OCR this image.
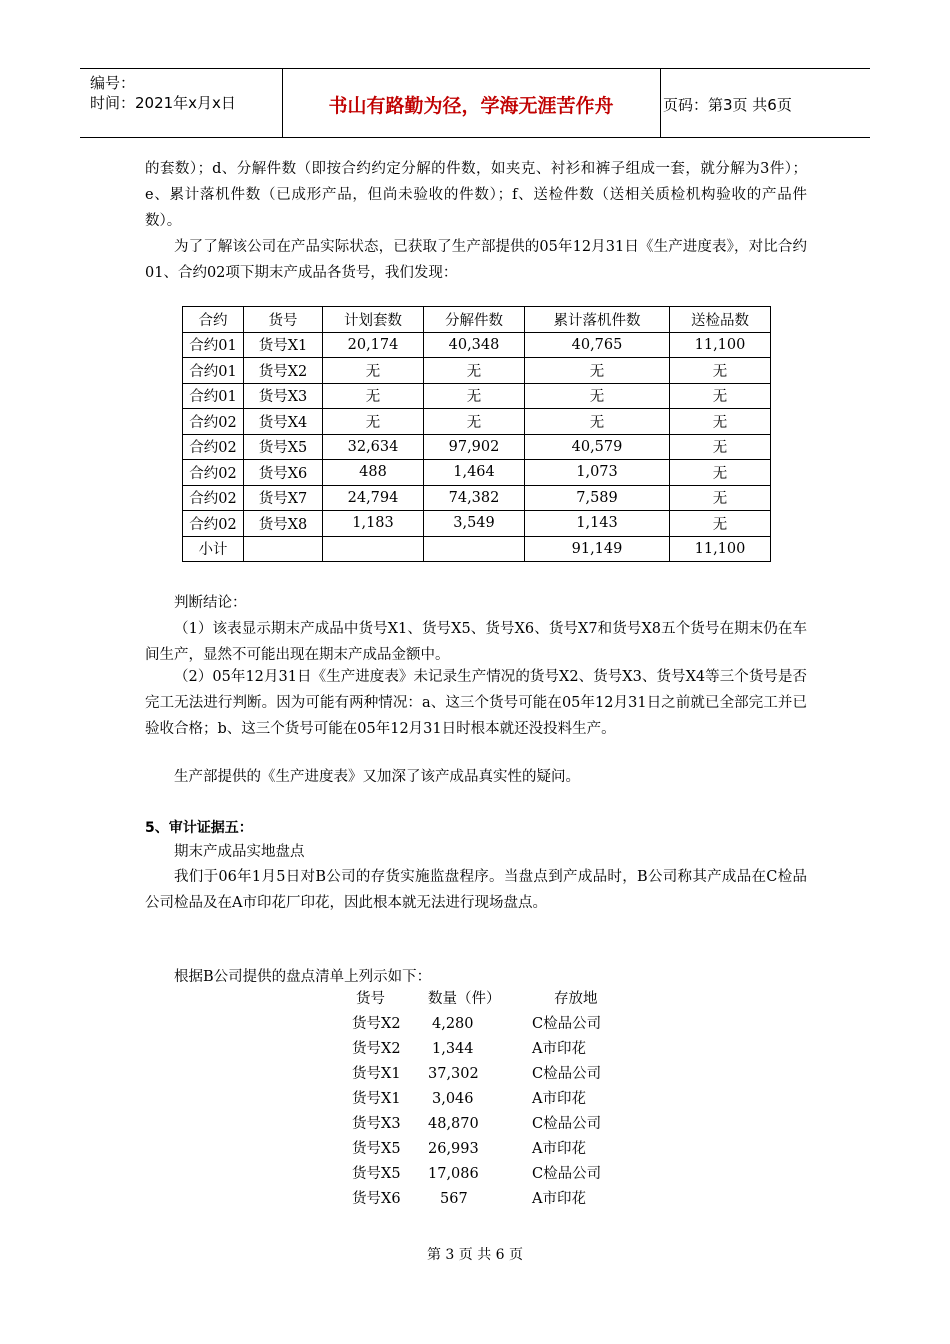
编号：
时间：2021年x月x日	书山有路勤为径，学海无涯苦作舟	页码：第3页 共6页
的套数）；d、分解件数（即按合约约定分解的件数，如夹克、衬衫和裤子组成一套，就分解为3件）；e、累计落机件数（已成形产品，但尚未验收的件数）；f、送检件数（送相关质检机构验收的产品件数）。
为了了解该公司在产品实际状态，已获取了生产部提供的05年12月31日《生产进度表》，对比合约01、合约02项下期末产成品各货号，我们发现：
合约	货号	计划套数	分解件数	累计落机件数	送检品数
合约01	货号X1	20,174	40,348	40,765	11,100
合约01	货号X2	无	无	无	无
合约01	货号X3	无	无	无	无
合约02	货号X4	无	无	无	无
合约02	货号X5	32,634	97,902	40,579	无
合约02	货号X6	488	1,464	1,073	无
合约02	货号X7	24,794	74,382	7,589	无
合约02	货号X8	1,183	3,549	1,143	无
小计				91,149	11,100
判断结论：
（1）该表显示期末产成品中货号X1、货号X5、货号X6、货号X7和货号X8五个货号在期末仍在车间生产，显然不可能出现在期末产成品金额中。
（2）05年12月31日《生产进度表》未记录生产情况的货号X2、货号X3、货号X4等三个货号是否完工无法进行判断。因为可能有两种情况：a、这三个货号可能在05年12月31日之前就已全部完工并已验收合格；b、这三个货号可能在05年12月31日时根本就还没投料生产。
生产部提供的《生产进度表》又加深了该产成品真实性的疑问。
5、审计证据五：
期末产成品实地盘点
我们于06年1月5日对B公司的存货实施监盘程序。当盘点到产成品时，B公司称其产成品在C检品公司检品及在A市印花厂印花，因此根本就无法进行现场盘点。
根据B公司提供的盘点清单上列示如下：
货号	数量（件）	存放地
货号X2 4,280	C检品公司
货号X2 1,344	A市印花
货号X1 37,302	C检品公司
货号X1 3,046	A市印花
货号X3 48,870	C检品公司
货号X5 26,993	A市印花
货号X5 17,086	C检品公司
货号X6	567	A市印花
第 3 页 共 6 页
